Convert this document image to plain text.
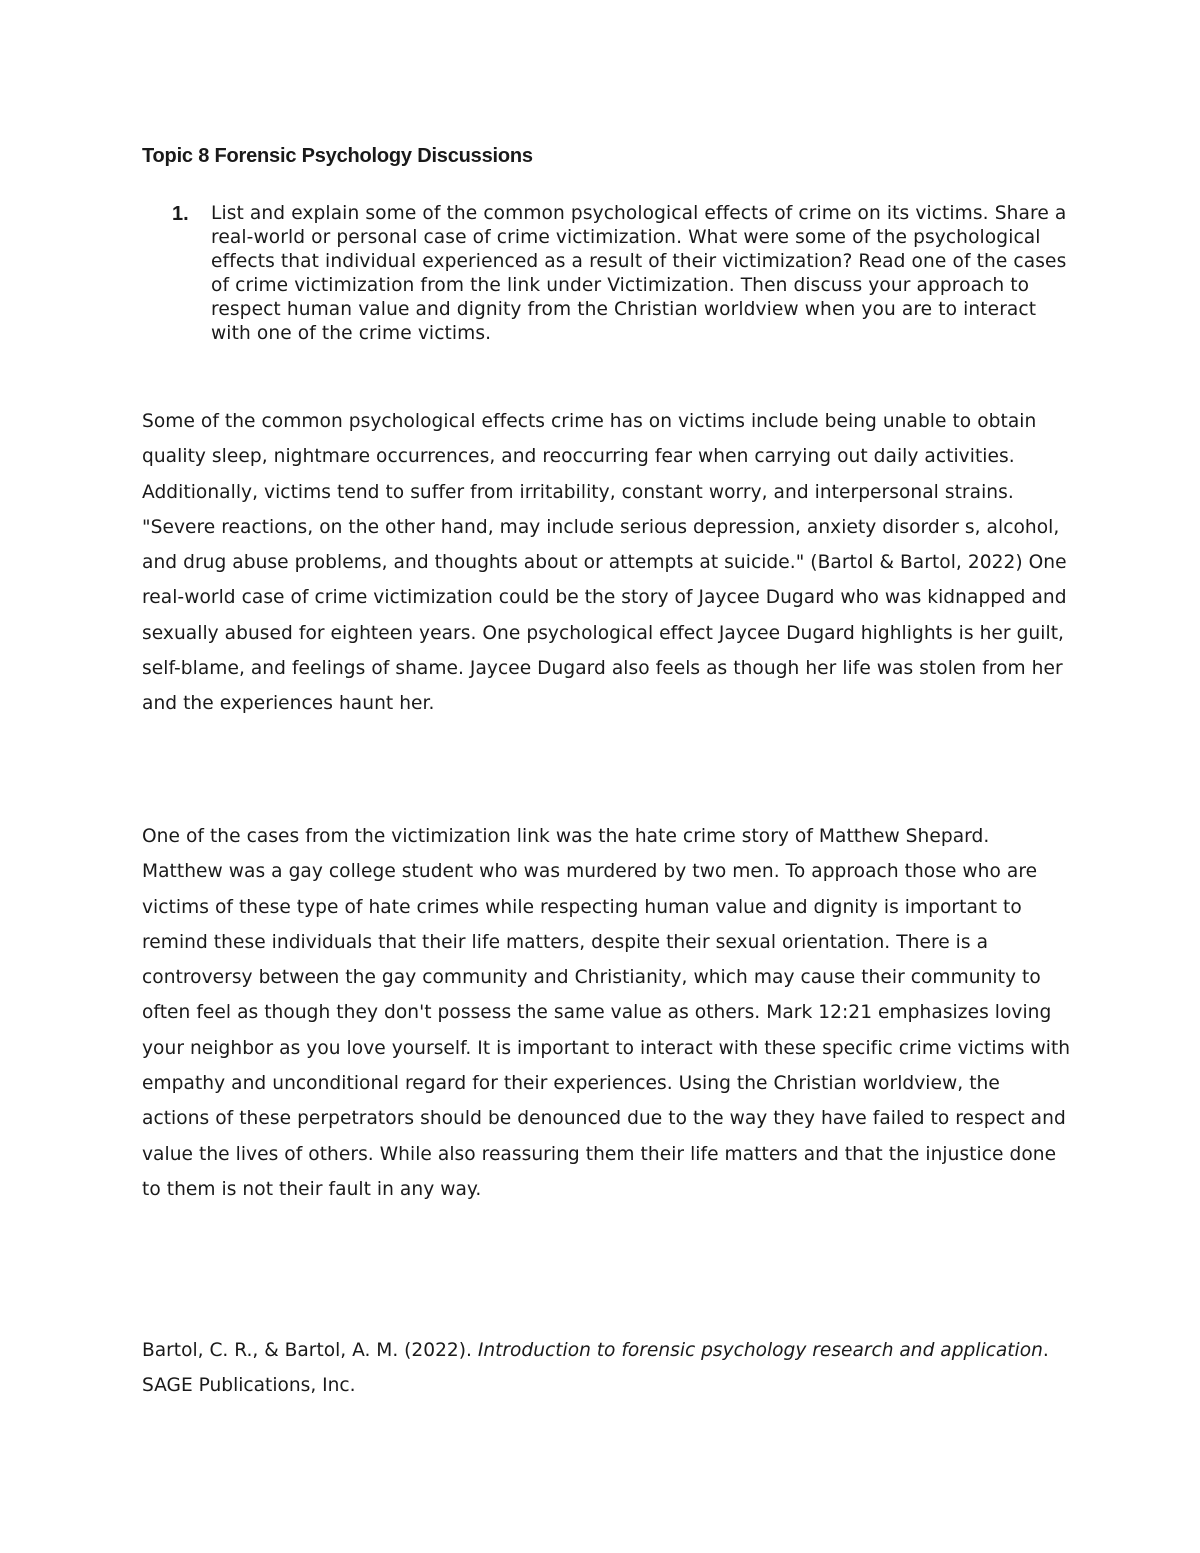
Topic 8 Forensic Psychology Discussions
1.	List and explain some of the common psychological effects of crime on its victims. Share a real-world or personal case of crime victimization. What were some of the psychological effects that individual experienced as a result of their victimization? Read one of the cases of crime victimization from the link under Victimization. Then discuss your approach to respect human value and dignity from the Christian worldview when you are to interact with one of the crime victims.

Some of the common psychological effects crime has on victims include being unable to obtain quality sleep, nightmare occurrences, and reoccurring fear when carrying out daily activities. Additionally, victims tend to suffer from irritability, constant worry, and interpersonal strains.

"Severe reactions, on the other hand, may include serious depression, anxiety disorder s, alcohol, and drug abuse problems, and thoughts about or attempts at suicide." (Bartol & Bartol, 2022) One real-world case of crime victimization could be the story of Jaycee Dugard who was kidnapped and sexually abused for eighteen years. One psychological effect Jaycee Dugard highlights is her guilt, self-blame, and feelings of shame. Jaycee Dugard also feels as though her life was stolen from her and the experiences haunt her.

One of the cases from the victimization link was the hate crime story of Matthew Shepard. Matthew was a gay college student who was murdered by two men. To approach those who are victims of these type of hate crimes while respecting human value and dignity is important to remind these individuals that their life matters, despite their sexual orientation. There is a controversy between the gay community and Christianity, which may cause their community to often feel as though they don't possess the same value as others. Mark 12:21 emphasizes loving your neighbor as you love yourself. It is important to interact with these specific crime victims with empathy and unconditional regard for their experiences. Using the Christian worldview, the actions of these perpetrators should be denounced due to the way they have failed to respect and value the lives of others. While also reassuring them their life matters and that the injustice done to them is not their fault in any way.

Bartol, C. R., & Bartol, A. M. (2022). Introduction to forensic psychology research and application. SAGE Publications, Inc.
